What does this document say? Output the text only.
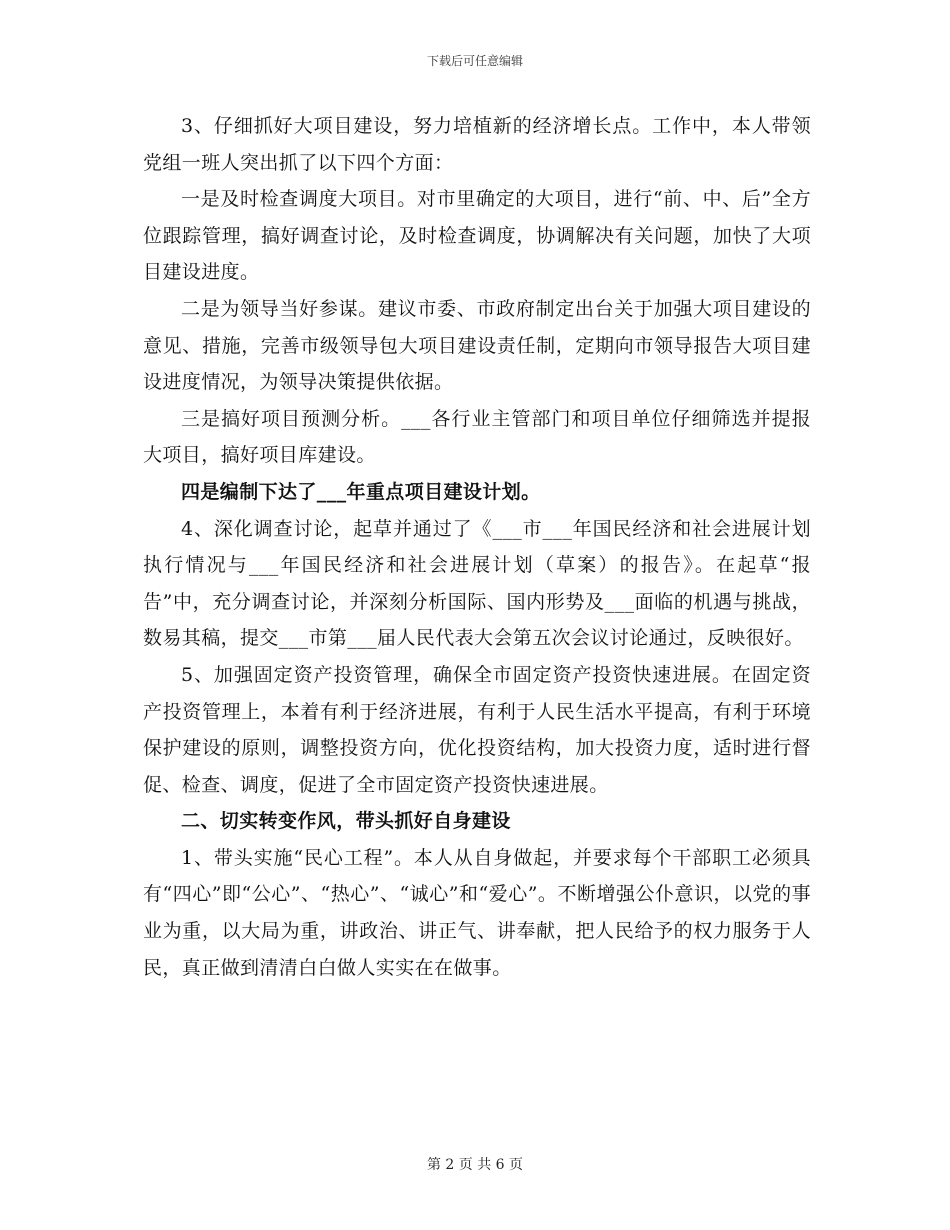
下载后可任意编辑

3、仔细抓好大项目建设，努力培植新的经济增长点。工作中，本人带领党组一班人突出抓了以下四个方面：

一是及时检查调度大项目。对市里确定的大项目，进行“前、中、后”全方位跟踪管理，搞好调查讨论，及时检查调度，协调解决有关问题，加快了大项目建设进度。

二是为领导当好参谋。建议市委、市政府制定出台关于加强大项目建设的意见、措施，完善市级领导包大项目建设责任制，定期向市领导报告大项目建设进度情况，为领导决策提供依据。

三是搞好项目预测分析。___各行业主管部门和项目单位仔细筛选并提报大项目，搞好项目库建设。

四是编制下达了___年重点项目建设计划。

4、深化调查讨论，起草并通过了《___市___年国民经济和社会进展计划执行情况与___年国民经济和社会进展计划（草案）的报告》。在起草“报告”中，充分调查讨论，并深刻分析国际、国内形势及___面临的机遇与挑战，数易其稿，提交___市第___届人民代表大会第五次会议讨论通过，反映很好。

5、加强固定资产投资管理，确保全市固定资产投资快速进展。在固定资产投资管理上，本着有利于经济进展，有利于人民生活水平提高，有利于环境保护建设的原则，调整投资方向，优化投资结构，加大投资力度，适时进行督促、检查、调度，促进了全市固定资产投资快速进展。

二、切实转变作风，带头抓好自身建设

1、带头实施“民心工程”。本人从自身做起，并要求每个干部职工必须具有“四心”即“公心”、“热心”、“诚心”和“爱心”。不断增强公仆意识，以党的事业为重，以大局为重，讲政治、讲正气、讲奉献，把人民给予的权力服务于人民，真正做到清清白白做人实实在在做事。

第 2 页 共 6 页
